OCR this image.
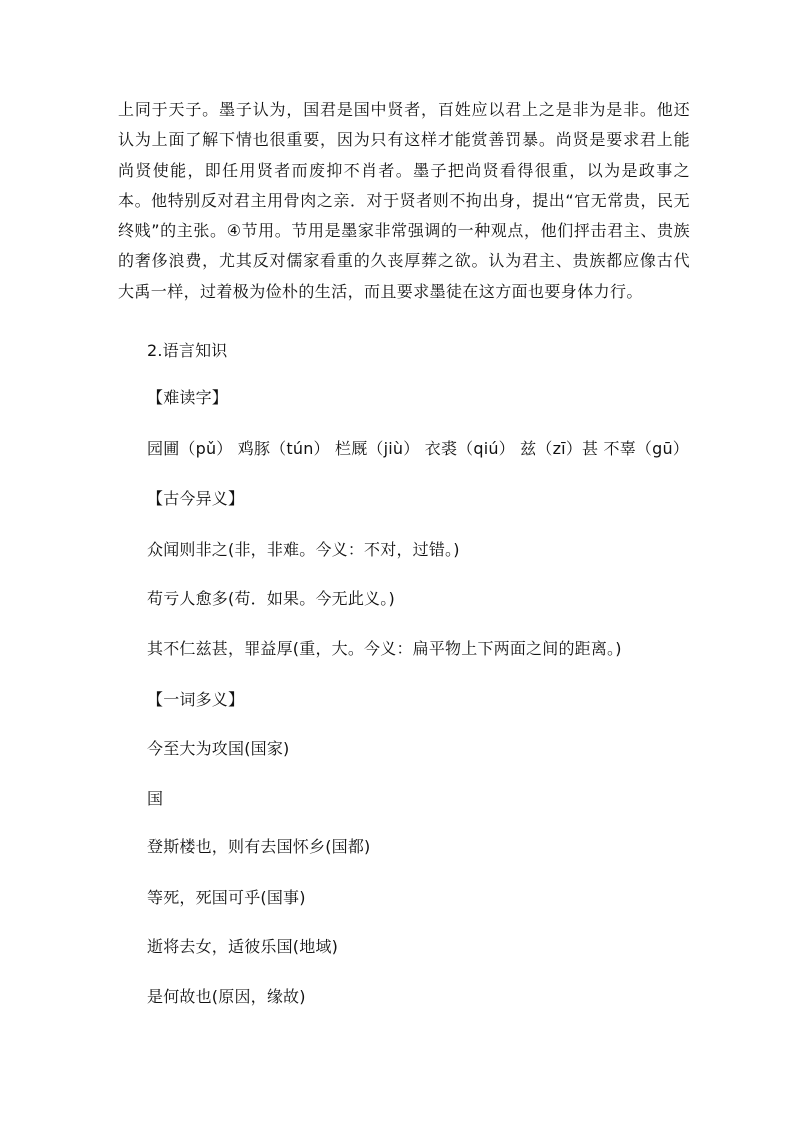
上同于天子。墨子认为，国君是国中贤者，百姓应以君上之是非为是非。他还认为上面了解下情也很重要，因为只有这样才能赏善罚暴。尚贤是要求君上能尚贤使能，即任用贤者而废抑不肖者。墨子把尚贤看得很重，以为是政事之本。他特别反对君主用骨肉之亲．对于贤者则不拘出身，提出“官无常贵，民无终贱”的主张。④节用。节用是墨家非常强调的一种观点，他们抨击君主、贵族的奢侈浪费，尤其反对儒家看重的久丧厚葬之欲。认为君主、贵族都应像古代大禹一样，过着极为俭朴的生活，而且要求墨徒在这方面也要身体力行。

2.语言知识

【难读字】

园圃（pǔ） 鸡豚（tún） 栏厩（jiù） 衣裘（qiú） 兹（zī）甚 不辜（gū）

【古今异义】

众闻则非之(非，非难。今义：不对，过错。)

苟亏人愈多(苟．如果。今无此义。)

其不仁兹甚，罪益厚(重，大。今义：扁平物上下两面之间的距离。)

【一词多义】

今至大为攻国(国家)

国

登斯楼也，则有去国怀乡(国都)

等死，死国可乎(国事)

逝将去女，适彼乐国(地域)

是何故也(原因，缘故)
